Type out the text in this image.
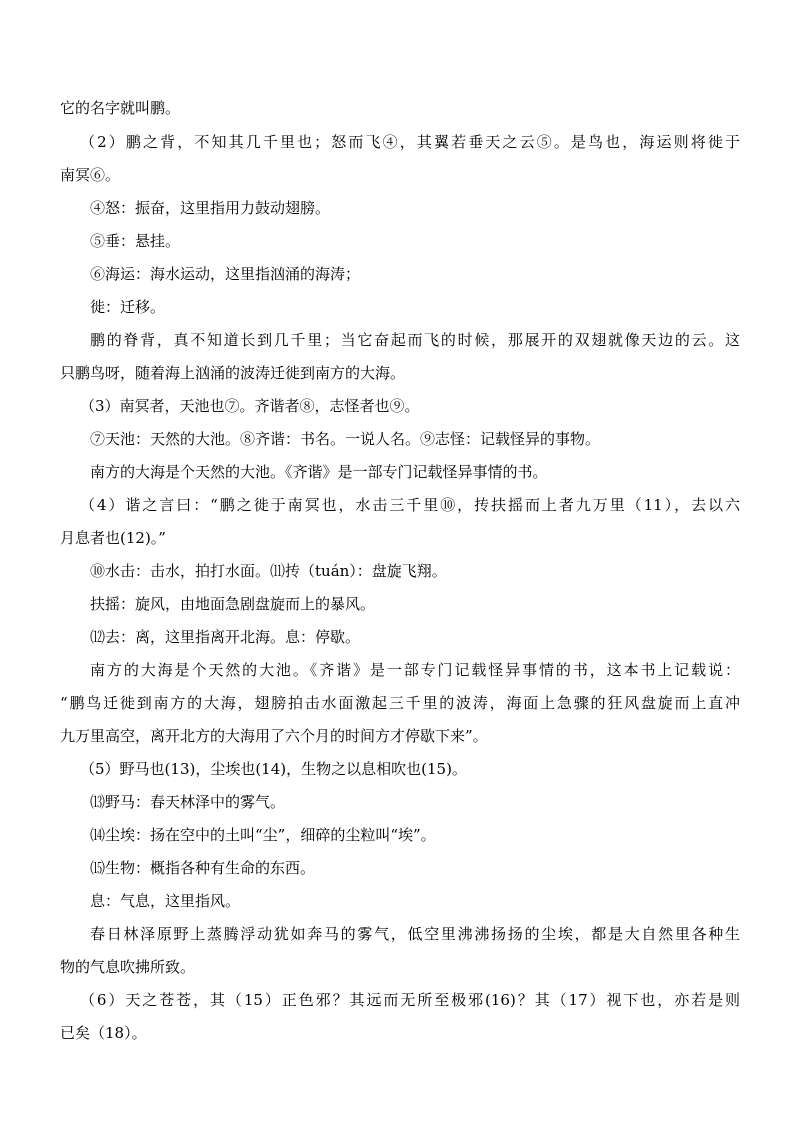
它的名字就叫鹏。
（2）鹏之背，不知其几千里也；怒而飞④，其翼若垂天之云⑤。是鸟也，海运则将徙于
南冥⑥。
④怒：振奋，这里指用力鼓动翅膀。
⑤垂：悬挂。
⑥海运：海水运动，这里指汹涌的海涛；
徙：迁移。
鹏的脊背，真不知道长到几千里；当它奋起而飞的时候，那展开的双翅就像天边的云。这
只鹏鸟呀，随着海上汹涌的波涛迁徙到南方的大海。
（3）南冥者，天池也⑦。齐谐者⑧，志怪者也⑨。
⑦天池：天然的大池。⑧齐谐：书名。一说人名。⑨志怪：记载怪异的事物。
南方的大海是个天然的大池。《齐谐》是一部专门记载怪异事情的书。
（4）谐之言曰：“鹏之徙于南冥也，水击三千里⑩，抟扶摇而上者九万里（11），去以六
月息者也(12)。”
⑩水击：击水，拍打水面。⑾抟（tuán）：盘旋飞翔。
扶摇：旋风，由地面急剧盘旋而上的暴风。
⑿去：离，这里指离开北海。息：停歇。
南方的大海是个天然的大池。《齐谐》是一部专门记载怪异事情的书，这本书上记载说：
“鹏鸟迁徙到南方的大海，翅膀拍击水面激起三千里的波涛，海面上急骤的狂风盘旋而上直冲
九万里高空，离开北方的大海用了六个月的时间方才停歇下来”。
（5）野马也(13)，尘埃也(14)，生物之以息相吹也(15)。
⒀野马：春天林泽中的雾气。
⒁尘埃：扬在空中的土叫“尘”，细碎的尘粒叫“埃”。
⒂生物：概指各种有生命的东西。
息：气息，这里指风。
春日林泽原野上蒸腾浮动犹如奔马的雾气，低空里沸沸扬扬的尘埃，都是大自然里各种生
物的气息吹拂所致。
（6）天之苍苍，其（15）正色邪？其远而无所至极邪(16)？其（17）视下也，亦若是则
已矣（18）。
